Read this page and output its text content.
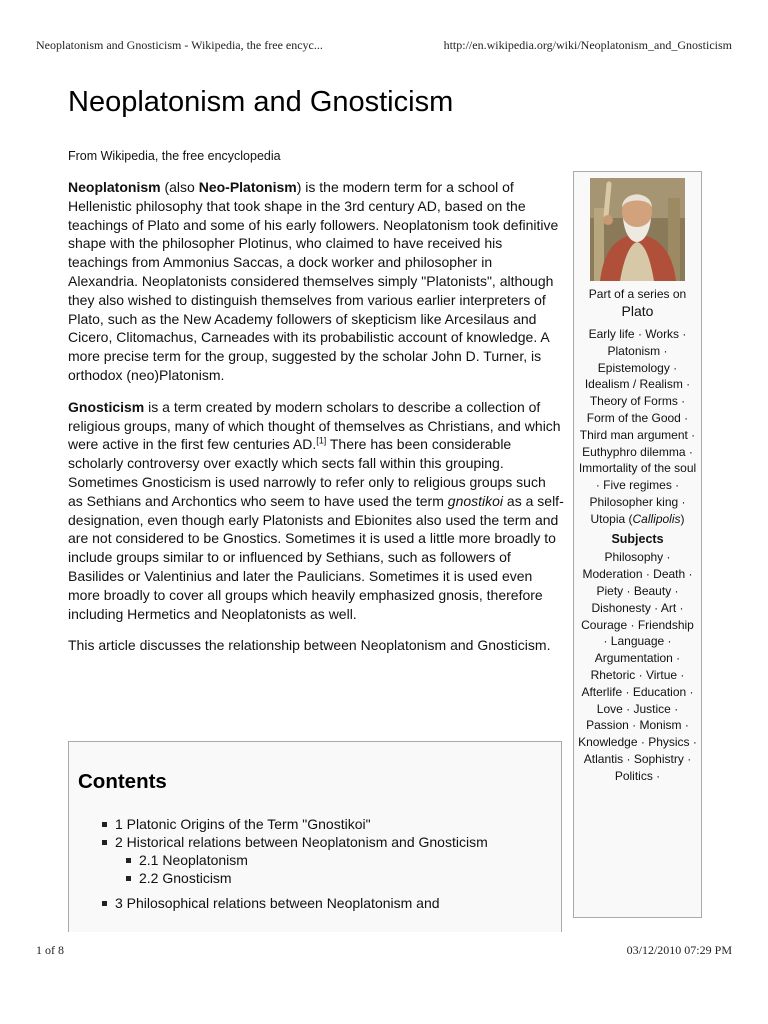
Neoplatonism and Gnosticism - Wikipedia, the free encyc...	http://en.wikipedia.org/wiki/Neoplatonism_and_Gnosticism
Neoplatonism and Gnosticism
From Wikipedia, the free encyclopedia

Neoplatonism (also Neo-Platonism) is the modern term for a school of Hellenistic philosophy that took shape in the 3rd century AD, based on the teachings of Plato and some of his early followers. Neoplatonism took definitive shape with the philosopher Plotinus, who claimed to have received his teachings from Ammonius Saccas, a dock worker and philosopher in Alexandria. Neoplatonists considered themselves simply "Platonists", although they also wished to distinguish themselves from various earlier interpreters of Plato, such as the New Academy followers of skepticism like Arcesilaus and Cicero, Clitomachus, Carneades with its probabilistic account of knowledge. A more precise term for the group, suggested by the scholar John D. Turner, is orthodox (neo)Platonism.

Gnosticism is a term created by modern scholars to describe a collection of religious groups, many of which thought of themselves as Christians, and which were active in the first few centuries AD.[1] There has been considerable scholarly controversy over exactly which sects fall within this grouping. Sometimes Gnosticism is used narrowly to refer only to religious groups such as Sethians and Archontics who seem to have used the term gnostikoi as a self-designation, even though early Platonists and Ebionites also used the term and are not considered to be Gnostics. Sometimes it is used a little more broadly to include groups similar to or influenced by Sethians, such as followers of Basilides or Valentinius and later the Paulicians. Sometimes it is used even more broadly to cover all groups which heavily emphasized gnosis, therefore including Hermetics and Neoplatonists as well.

This article discusses the relationship between Neoplatonism and Gnosticism.

Contents
1 Platonic Origins of the Term "Gnostikoi"
2 Historical relations between Neoplatonism and Gnosticism
2.1 Neoplatonism
2.2 Gnosticism
3 Philosophical relations between Neoplatonism and
Part of a series on
Plato
Early life · Works · Platonism · Epistemology · Idealism / Realism · Theory of Forms · Form of the Good · Third man argument · Euthyphro dilemma · Immortality of the soul · Five regimes · Philosopher king · Utopia (Callipolis)
Subjects
Philosophy · Moderation · Death · Piety · Beauty · Dishonesty · Art · Courage · Friendship · Language · Argumentation · Rhetoric · Virtue · Afterlife · Education · Love · Justice · Passion · Monism · Knowledge · Physics · Atlantis · Sophistry · Politics ·
1 of 8	03/12/2010 07:29 PM
